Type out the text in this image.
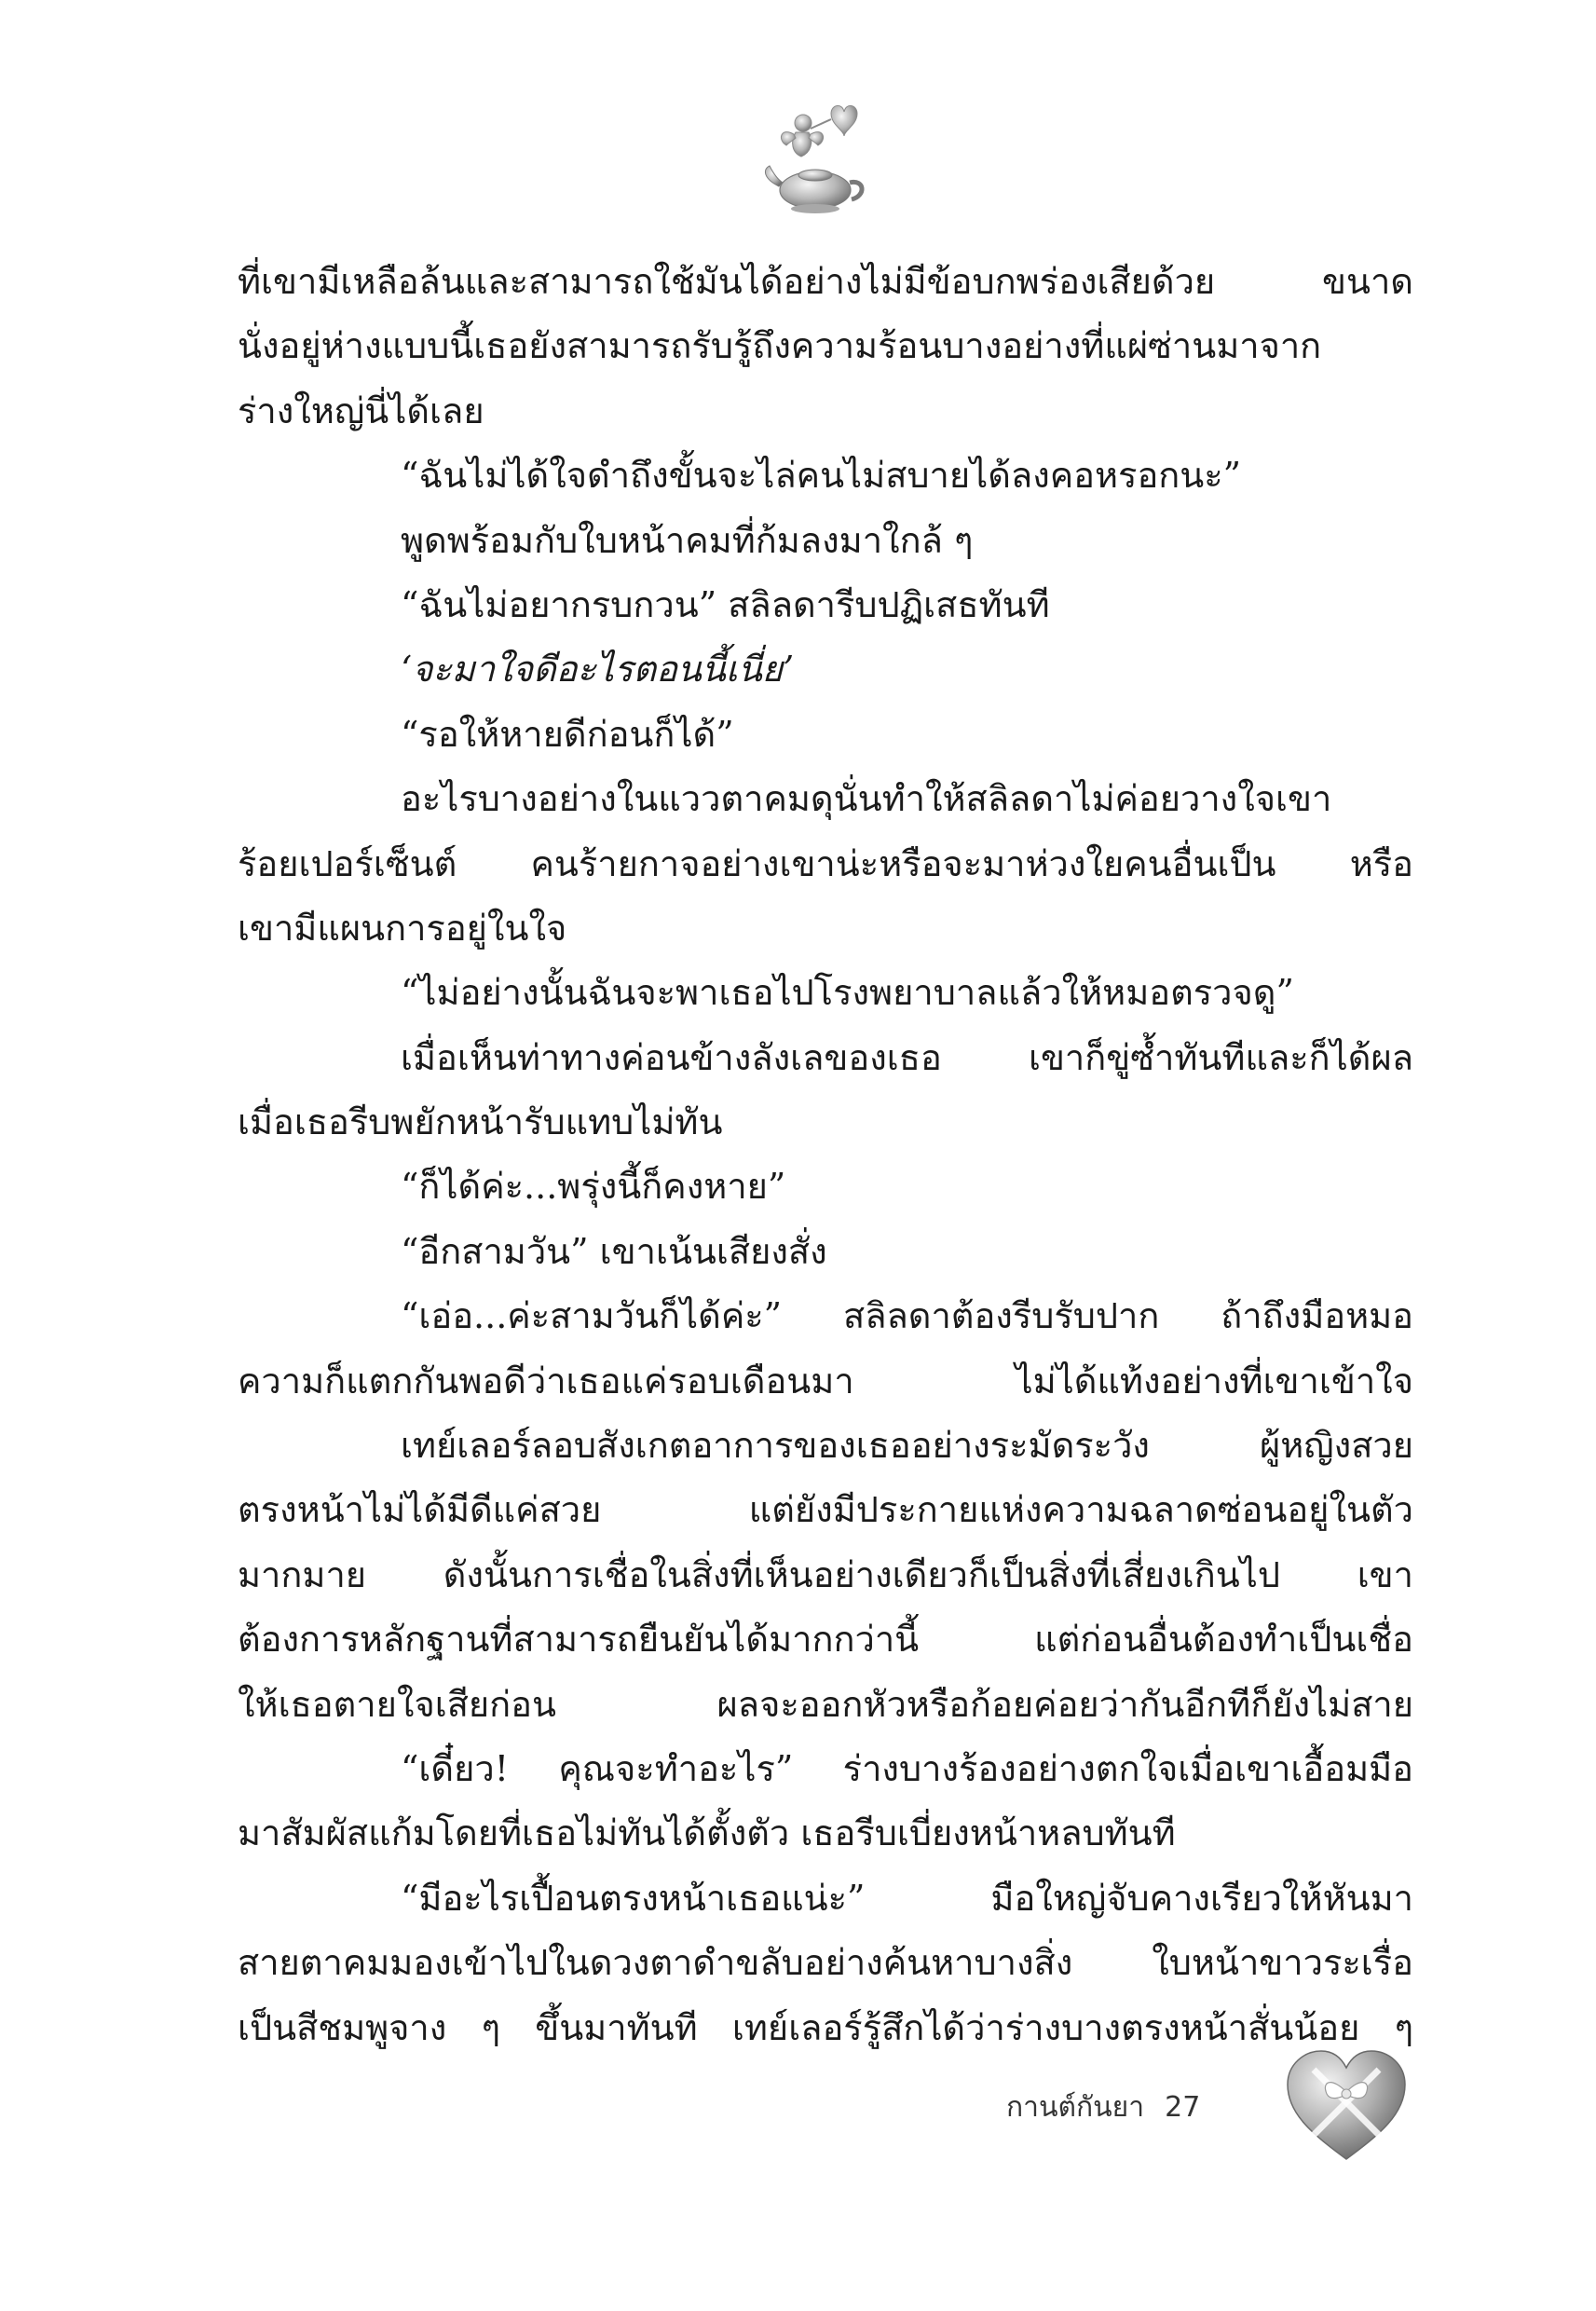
ที่เขามีเหลือล้นและสามารถใช้มันได้อย่างไม่มีข้อบกพร่องเสียด้วย ขนาด
นั่งอยู่ห่างแบบนี้เธอยังสามารถรับรู้ถึงความร้อนบางอย่างที่แผ่ซ่านมาจาก
ร่างใหญ่นี่ได้เลย
“ฉันไม่ได้ใจดำถึงขั้นจะไล่คนไม่สบายได้ลงคอหรอกนะ”
พูดพร้อมกับใบหน้าคมที่ก้มลงมาใกล้ ๆ
“ฉันไม่อยากรบกวน” สลิลดารีบปฏิเสธทันที
‘จะมาใจดีอะไรตอนนี้เนี่ย’
“รอให้หายดีก่อนก็ได้”
อะไรบางอย่างในแววตาคมดุนั่นทำให้สลิลดาไม่ค่อยวางใจเขา
ร้อยเปอร์เซ็นต์ คนร้ายกาจอย่างเขาน่ะหรือจะมาห่วงใยคนอื่นเป็น หรือ
เขามีแผนการอยู่ในใจ
“ไม่อย่างนั้นฉันจะพาเธอไปโรงพยาบาลแล้วให้หมอตรวจดู”
เมื่อเห็นท่าทางค่อนข้างลังเลของเธอ เขาก็ขู่ซ้ำทันทีและก็ได้ผล
เมื่อเธอรีบพยักหน้ารับแทบไม่ทัน
“ก็ได้ค่ะ...พรุ่งนี้ก็คงหาย”
“อีกสามวัน” เขาเน้นเสียงสั่ง
“เอ่อ...ค่ะสามวันก็ได้ค่ะ” สลิลดาต้องรีบรับปาก ถ้าถึงมือหมอ
ความก็แตกกันพอดีว่าเธอแค่รอบเดือนมา ไม่ได้แท้งอย่างที่เขาเข้าใจ
เทย์เลอร์ลอบสังเกตอาการของเธออย่างระมัดระวัง ผู้หญิงสวย
ตรงหน้าไม่ได้มีดีแค่สวย แต่ยังมีประกายแห่งความฉลาดซ่อนอยู่ในตัว
มากมาย ดังนั้นการเชื่อในสิ่งที่เห็นอย่างเดียวก็เป็นสิ่งที่เสี่ยงเกินไป เขา
ต้องการหลักฐานที่สามารถยืนยันได้มากกว่านี้ แต่ก่อนอื่นต้องทำเป็นเชื่อ
ให้เธอตายใจเสียก่อน ผลจะออกหัวหรือก้อยค่อยว่ากันอีกทีก็ยังไม่สาย
“เดี๋ยว! คุณจะทำอะไร” ร่างบางร้องอย่างตกใจเมื่อเขาเอื้อมมือ
มาสัมผัสแก้มโดยที่เธอไม่ทันได้ตั้งตัว เธอรีบเบี่ยงหน้าหลบทันที
“มีอะไรเปื้อนตรงหน้าเธอแน่ะ” มือใหญ่จับคางเรียวให้หันมา
สายตาคมมองเข้าไปในดวงตาดำขลับอย่างค้นหาบางสิ่ง ใบหน้าขาวระเรื่อ
เป็นสีชมพูจาง ๆ ขึ้นมาทันที เทย์เลอร์รู้สึกได้ว่าร่างบางตรงหน้าสั่นน้อย ๆ
กานต์กันยา 27
